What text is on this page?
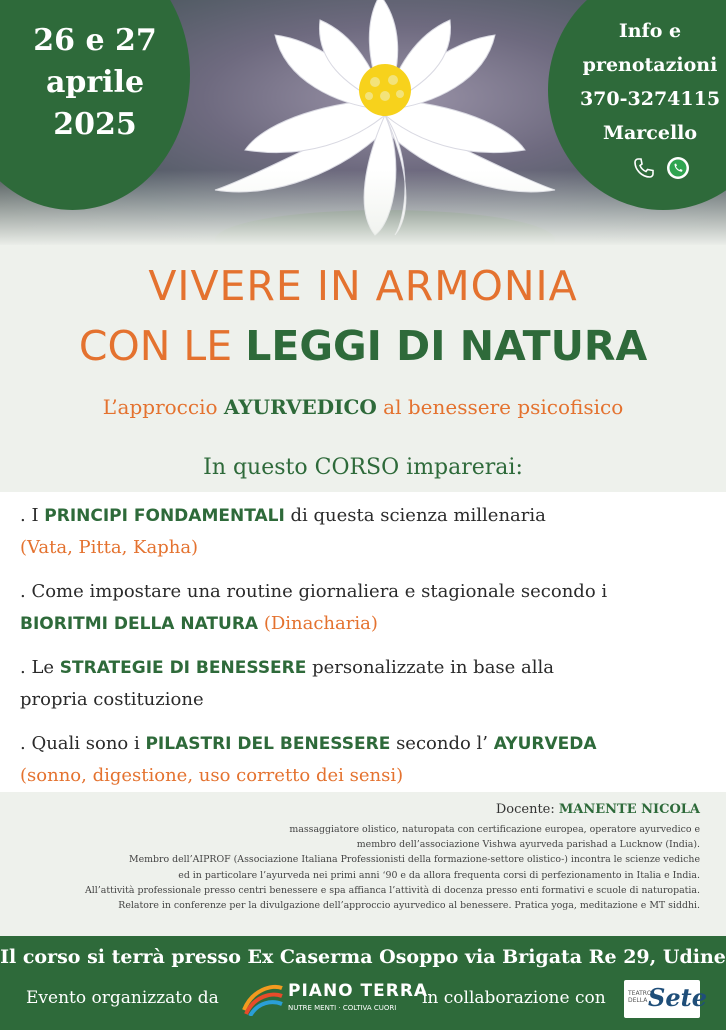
26 e 27
aprile
2025
Info e
prenotazioni
370-3274115
Marcello
VIVERE IN ARMONIA
CON LE LEGGI DI NATURA
L’approccio AYURVEDICO al benessere psicofisico
In questo CORSO imparerai:
. I PRINCIPI FONDAMENTALI di questa scienza millenaria
(Vata, Pitta, Kapha)
. Come impostare una routine giornaliera e stagionale secondo i
BIORITMI DELLA NATURA (Dinacharia)
. Le STRATEGIE DI BENESSERE personalizzate in base alla
propria costituzione
. Quali sono i PILASTRI DEL BENESSERE secondo l’ AYURVEDA
(sonno, digestione, uso corretto dei sensi)
Docente: MANENTE NICOLA
massaggiatore olistico, naturopata con certificazione europea, operatore ayurvedico e
membro dell’associazione Vishwa ayurveda parishad a Lucknow (India).
Membro dell’AIPROF (Associazione Italiana Professionisti della formazione-settore olistico-) incontra le scienze vediche
ed in particolare l’ayurveda nei primi anni ‘90 e da allora frequenta corsi di perfezionamento in Italia e India.
All’attività professionale presso centri benessere e spa affianca l’attività di docenza presso enti formativi e scuole di naturopatia.
Relatore in conferenze per la divulgazione dell’approccio ayurvedico al benessere. Pratica yoga, meditazione e MT siddhi.
Il corso si terrà presso Ex Caserma Osoppo via Brigata Re 29, Udine
Evento organizzato da	PIANO TERRA
NUTRE MENTI · COLTIVA CUORI in collaborazione con	TEATRO
DELLA Sete
